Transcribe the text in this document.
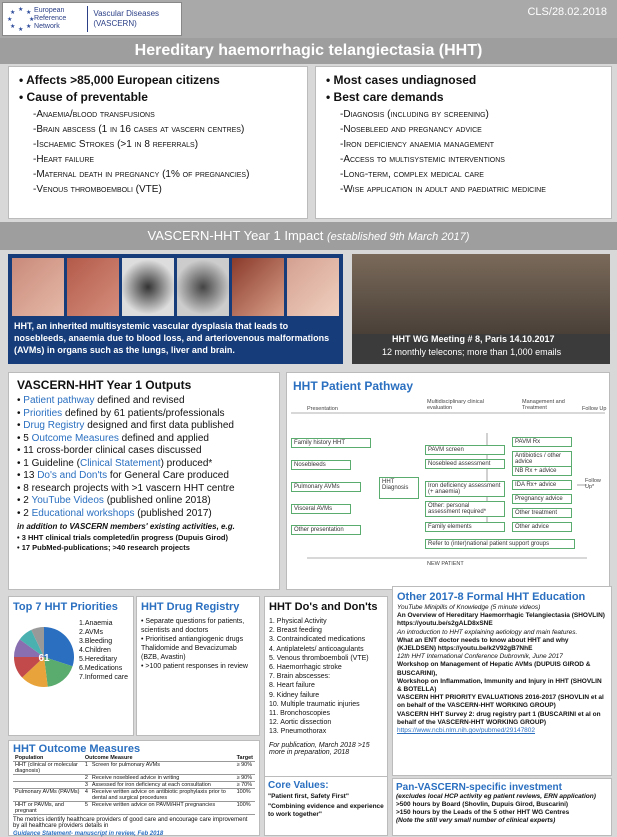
★ ★
★
★
★
★
★
★	European Reference Network
Vascular Diseases (VASCERN)
CLS/28.02.2018
Hereditary haemorrhagic telangiectasia (HHT)
• Affects >85,000 European citizens
• Cause of preventable
-Anaemia/blood transfusions
-Brain abscess (1 in 16 cases at vascern centres)
-Ischaemic Strokes (>1 in 8 referrals)
-Heart failure
-Maternal death in pregnancy (1% of pregnancies)
-Venous thromboemboli (VTE)
• Most cases undiagnosed
• Best care demands
-Diagnosis (including by screening)
-Nosebleed and pregnancy advice
-Iron deficiency anaemia management
-Access to multisystemic interventions
-Long-term, complex medical care
-Wise application in adult and paediatric medicine
VASCERN-HHT Year 1 Impact (established 9th March 2017)
HHT, an inherited multisystemic vascular dysplasia that leads to nosebleeds, anaemia due to blood loss, and arteriovenous malformations (AVMs) in organs such as the lungs, liver and brain.
HHT WG Meeting # 8, Paris 14.10.2017
12 monthly telecons; more than 1,000 emails
VASCERN-HHT Year 1 Outputs
• Patient pathway defined and revised
• Priorities defined by 61 patients/professionals
• Drug Registry designed and first data published
• 5 Outcome Measures defined and applied
• 11 cross-border clinical cases discussed
• 1 Guideline (Clinical Statement) produced*
• 13 Do's and Don'ts for General Care produced
• 8 research projects with >1 vascern HHT centre
• 2 YouTube Videos (published online 2018)
• 2 Educational workshops (published 2017)
in addition to VASCERN members' existing activities, e.g.
• 3 HHT clinical trials completed/in progress (Dupuis Girod)
• 17 PubMed-publications; >40 research projects
HHT Patient Pathway
Presentation
Multidisciplinary clinical evaluation
Management and Treatment	Follow Up
Family history HHT
Nosebleeds
Pulmonary AVMs
Visceral AVMs
Other presentation
HHT Diagnosis
PAVM screen
Nosebleed assessment
Iron deficiency assessment (+ anaemia)
Other: personal assessment required*
Family elements
PAVM Rx
Antibiotics / other advice
NB Rx + advice
IDA Rx+ advice
Pregnancy advice
Other treatment
Other advice
Follow Up*
Refer to (inter)national patient support groups
NEW PATIENT
Top 7 HHT Priorities
61
1.Anaemia
2.AVMs
3.Bleeding
4.Children
5.Hereditary
6.Medications
7.Informed care
HHT Drug Registry
• Separate questions for patients, scientists and doctors
• Prioritised antiangiogenic drugs Thalidomide and Bevacizumab (BZB, Avastin)
• >100 patient responses in review
HHT Do's and Don'ts
1. Physical Activity
2. Breast feeding
3. Contraindicated medications
4. Antiplatelets/ anticoagulants
5. Venous thromboemboli (VTE)
6. Haemorrhagic stroke
7. Brain abscesses:
8. Heart failure
9. Kidney failure
10. Multiple traumatic injuries
11. Bronchoscopies
12. Aortic dissection
13. Pneumothorax
For publication, March 2018 >15 more in preparation, 2018
Other 2017-8 Formal HHT Education
YouTube Minipills of Knowledge (5 minute videos)
An Overview of Hereditary Haemorrhagic Telangiectasia (SHOVLIN) https://youtu.be/s2gALD8xSNE
An introduction to HHT explaining aetiology and main features.
What an ENT doctor needs to know about HHT and why (KJELDSEN) https://youtu.be/k2V92gB7NhE
12th HHT International Conference Dubrovnik, June 2017
Workshop on Management of Hepatic AVMs (DUPUIS GIROD & BUSCARINI),
Workshop on Inflammation, Immunity and Injury in HHT (SHOVLIN & BOTELLA)
VASCERN HHT PRIORITY EVALUATIONS 2016-2017 (SHOVLIN et al on behalf of the VASCERN-HHT WORKING GROUP)
VASCERN HHT Survey 2: drug registry part 1 (BUSCARINI et al on behalf of the VASCERN-HHT WORKING GROUP)
https://www.ncbi.nlm.nih.gov/pubmed/29147802
HHT Outcome Measures
Population	Outcome Measure		Target
HHT (clinical or molecular diagnosis)	1	Screen for pulmonary AVMs	≥ 90%
	2	Receive nosebleed advice in writing	≥ 90%
	3	Assessed for iron deficiency at each consultation	≥ 70%
Pulmonary AVMs (PAVMs)	4	Receive written advice on antibiotic prophylaxis prior to dental and surgical procedures	100%
HHT or PAVMs, and pregnant	5	Receive written advice on PAVM/HHT pregnancies	100%
The metrics identify healthcare providers of good care and encourage care improvement by all healthcare providers details in
Guidance Statement- manuscript in review, Feb 2018
Core Values:
"Patient first, Safety First"
"Combining evidence and experience to work together"
Pan-VASCERN-specific investment
(excludes local HCP activity eg patient reviews, ERN application)
>500 hours by Board (Shovlin, Dupuis Girod, Buscarini)
>150 hours by the Leads of the 5 other HHT WG Centres
(Note the still very small number of clinical experts)
